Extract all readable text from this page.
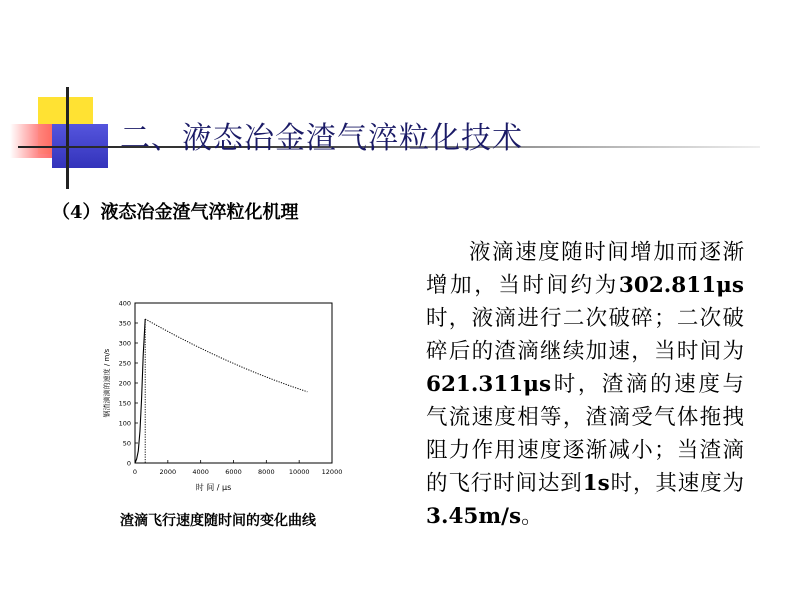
二、液态冶金渣气淬粒化技术
（4）液态冶金渣气淬粒化机理
0	2000	4000	6000	8000 10000 12000
0
50
100
150
200
250
300
350
400
时 间 / μs
钢渣滴滴的速度 / m/s
渣滴飞行速度随时间的变化曲线
液滴速度随时间增加而逐渐增加，当时间约为302.811μs时，液滴进行二次破碎；二次破碎后的渣滴继续加速，当时间为621.311μs时，渣滴的速度与气流速度相等，渣滴受气体拖拽阻力作用速度逐渐减小；当渣滴的飞行时间达到1s时，其速度为3.45m/s。
